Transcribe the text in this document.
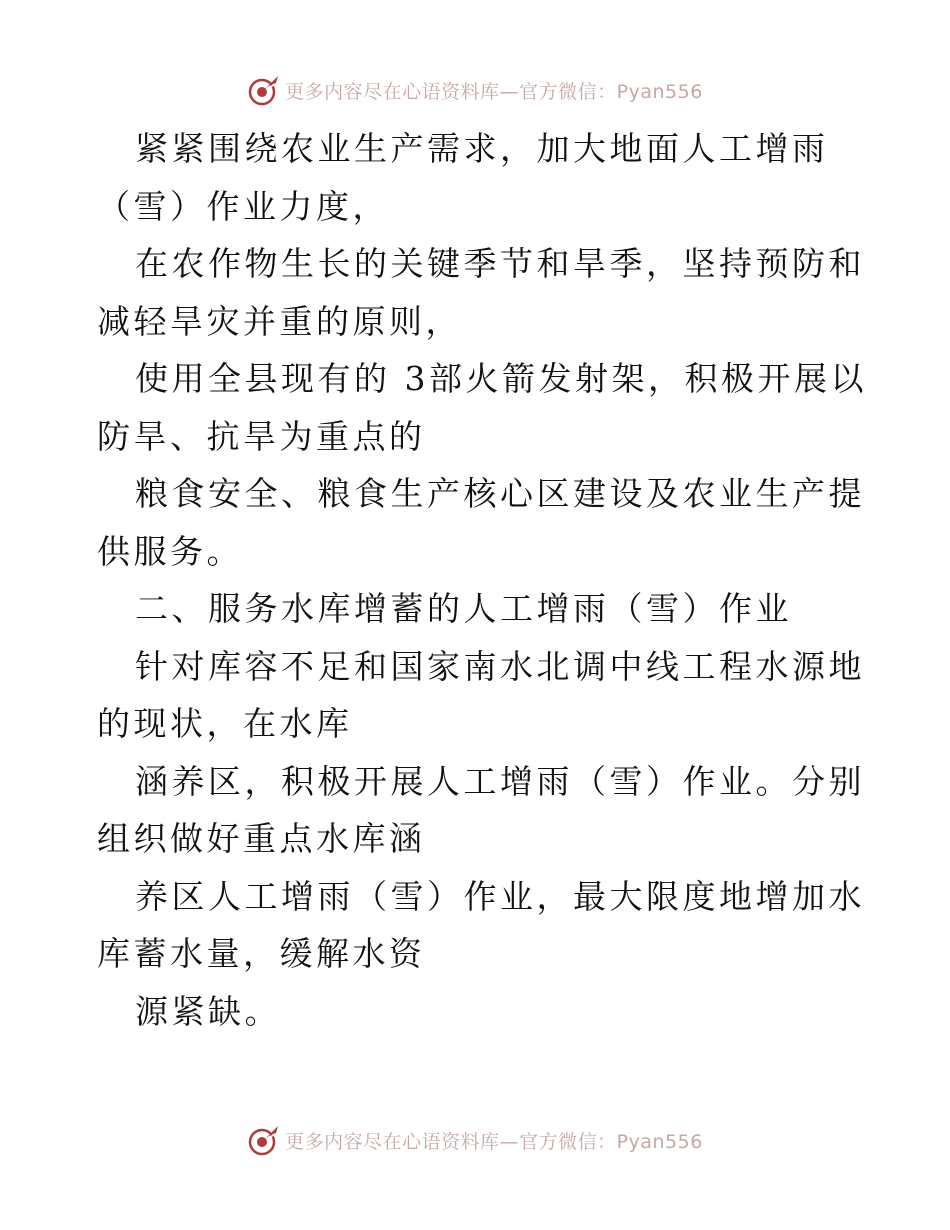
更多内容尽在心语资料库—官方微信：Pyan556

紧紧围绕农业生产需求，加大地面人工增雨（雪）作业力度，

在农作物生长的关键季节和旱季，坚持预防和减轻旱灾并重的原则，

使用全县现有的 3部火箭发射架，积极开展以防旱、抗旱为重点的

粮食安全、粮食生产核心区建设及农业生产提供服务。

二、服务水库增蓄的人工增雨（雪）作业

针对库容不足和国家南水北调中线工程水源地的现状，在水库

涵养区，积极开展人工增雨（雪）作业。分别组织做好重点水库涵

养区人工增雨（雪）作业，最大限度地增加水库蓄水量，缓解水资

源紧缺。

更多内容尽在心语资料库—官方微信：Pyan556
